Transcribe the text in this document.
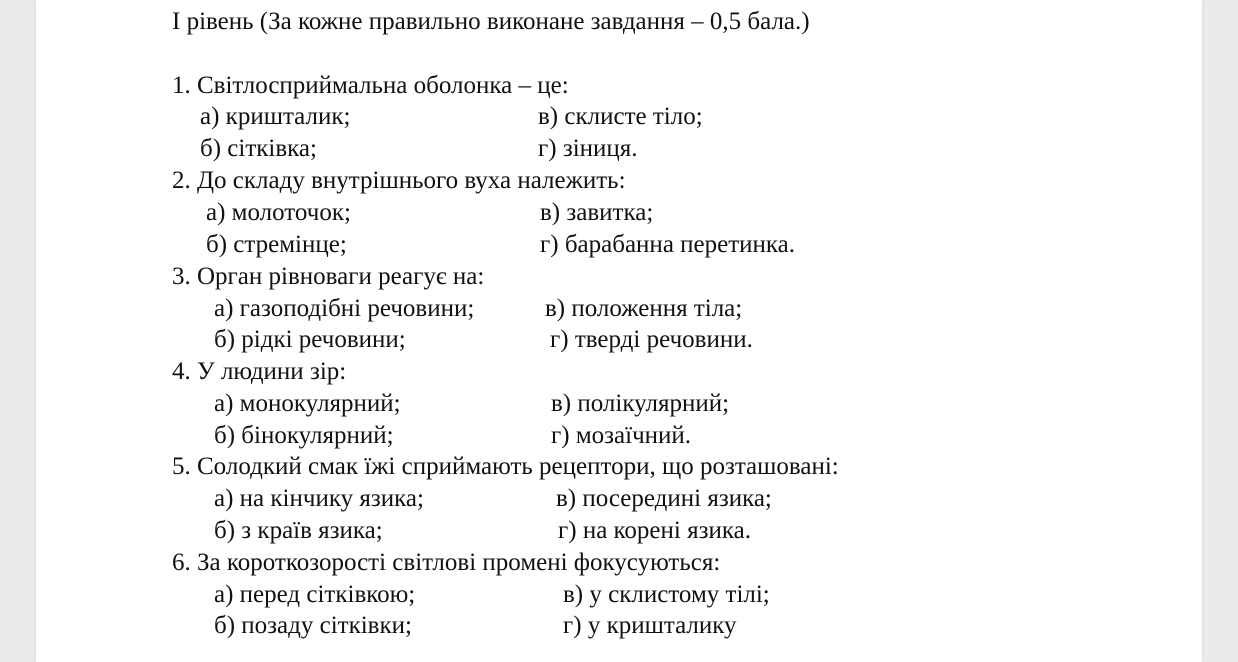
І рівень (За кожне правильно виконане завдання – 0,5 бала.)
1. Світлосприймальна оболонка – це:
а) кришталик;	в) склисте тіло;
б) сітківка;	г) зіниця.
2. До складу внутрішнього вуха належить:
а) молоточок;	в) завитка;
б) стремінце;	г) барабанна перетинка.
3. Орган рівноваги реагує на:
а) газоподібні речовини;	в) положення тіла;
б) рідкі речовини;	г) тверді речовини.
4. У людини зір:
а) монокулярний;	в) полікулярний;
б) бінокулярний;	г) мозаїчний.
5. Солодкий смак їжі сприймають рецептори, що розташовані:
а) на кінчику язика;	в) посередині язика;
б) з країв язика;	г) на корені язика.
6. За короткозорості світлові промені фокусуються:
а) перед сітківкою;	в) у склистому тілі;
б) позаду сітківки;	г) у кришталику
